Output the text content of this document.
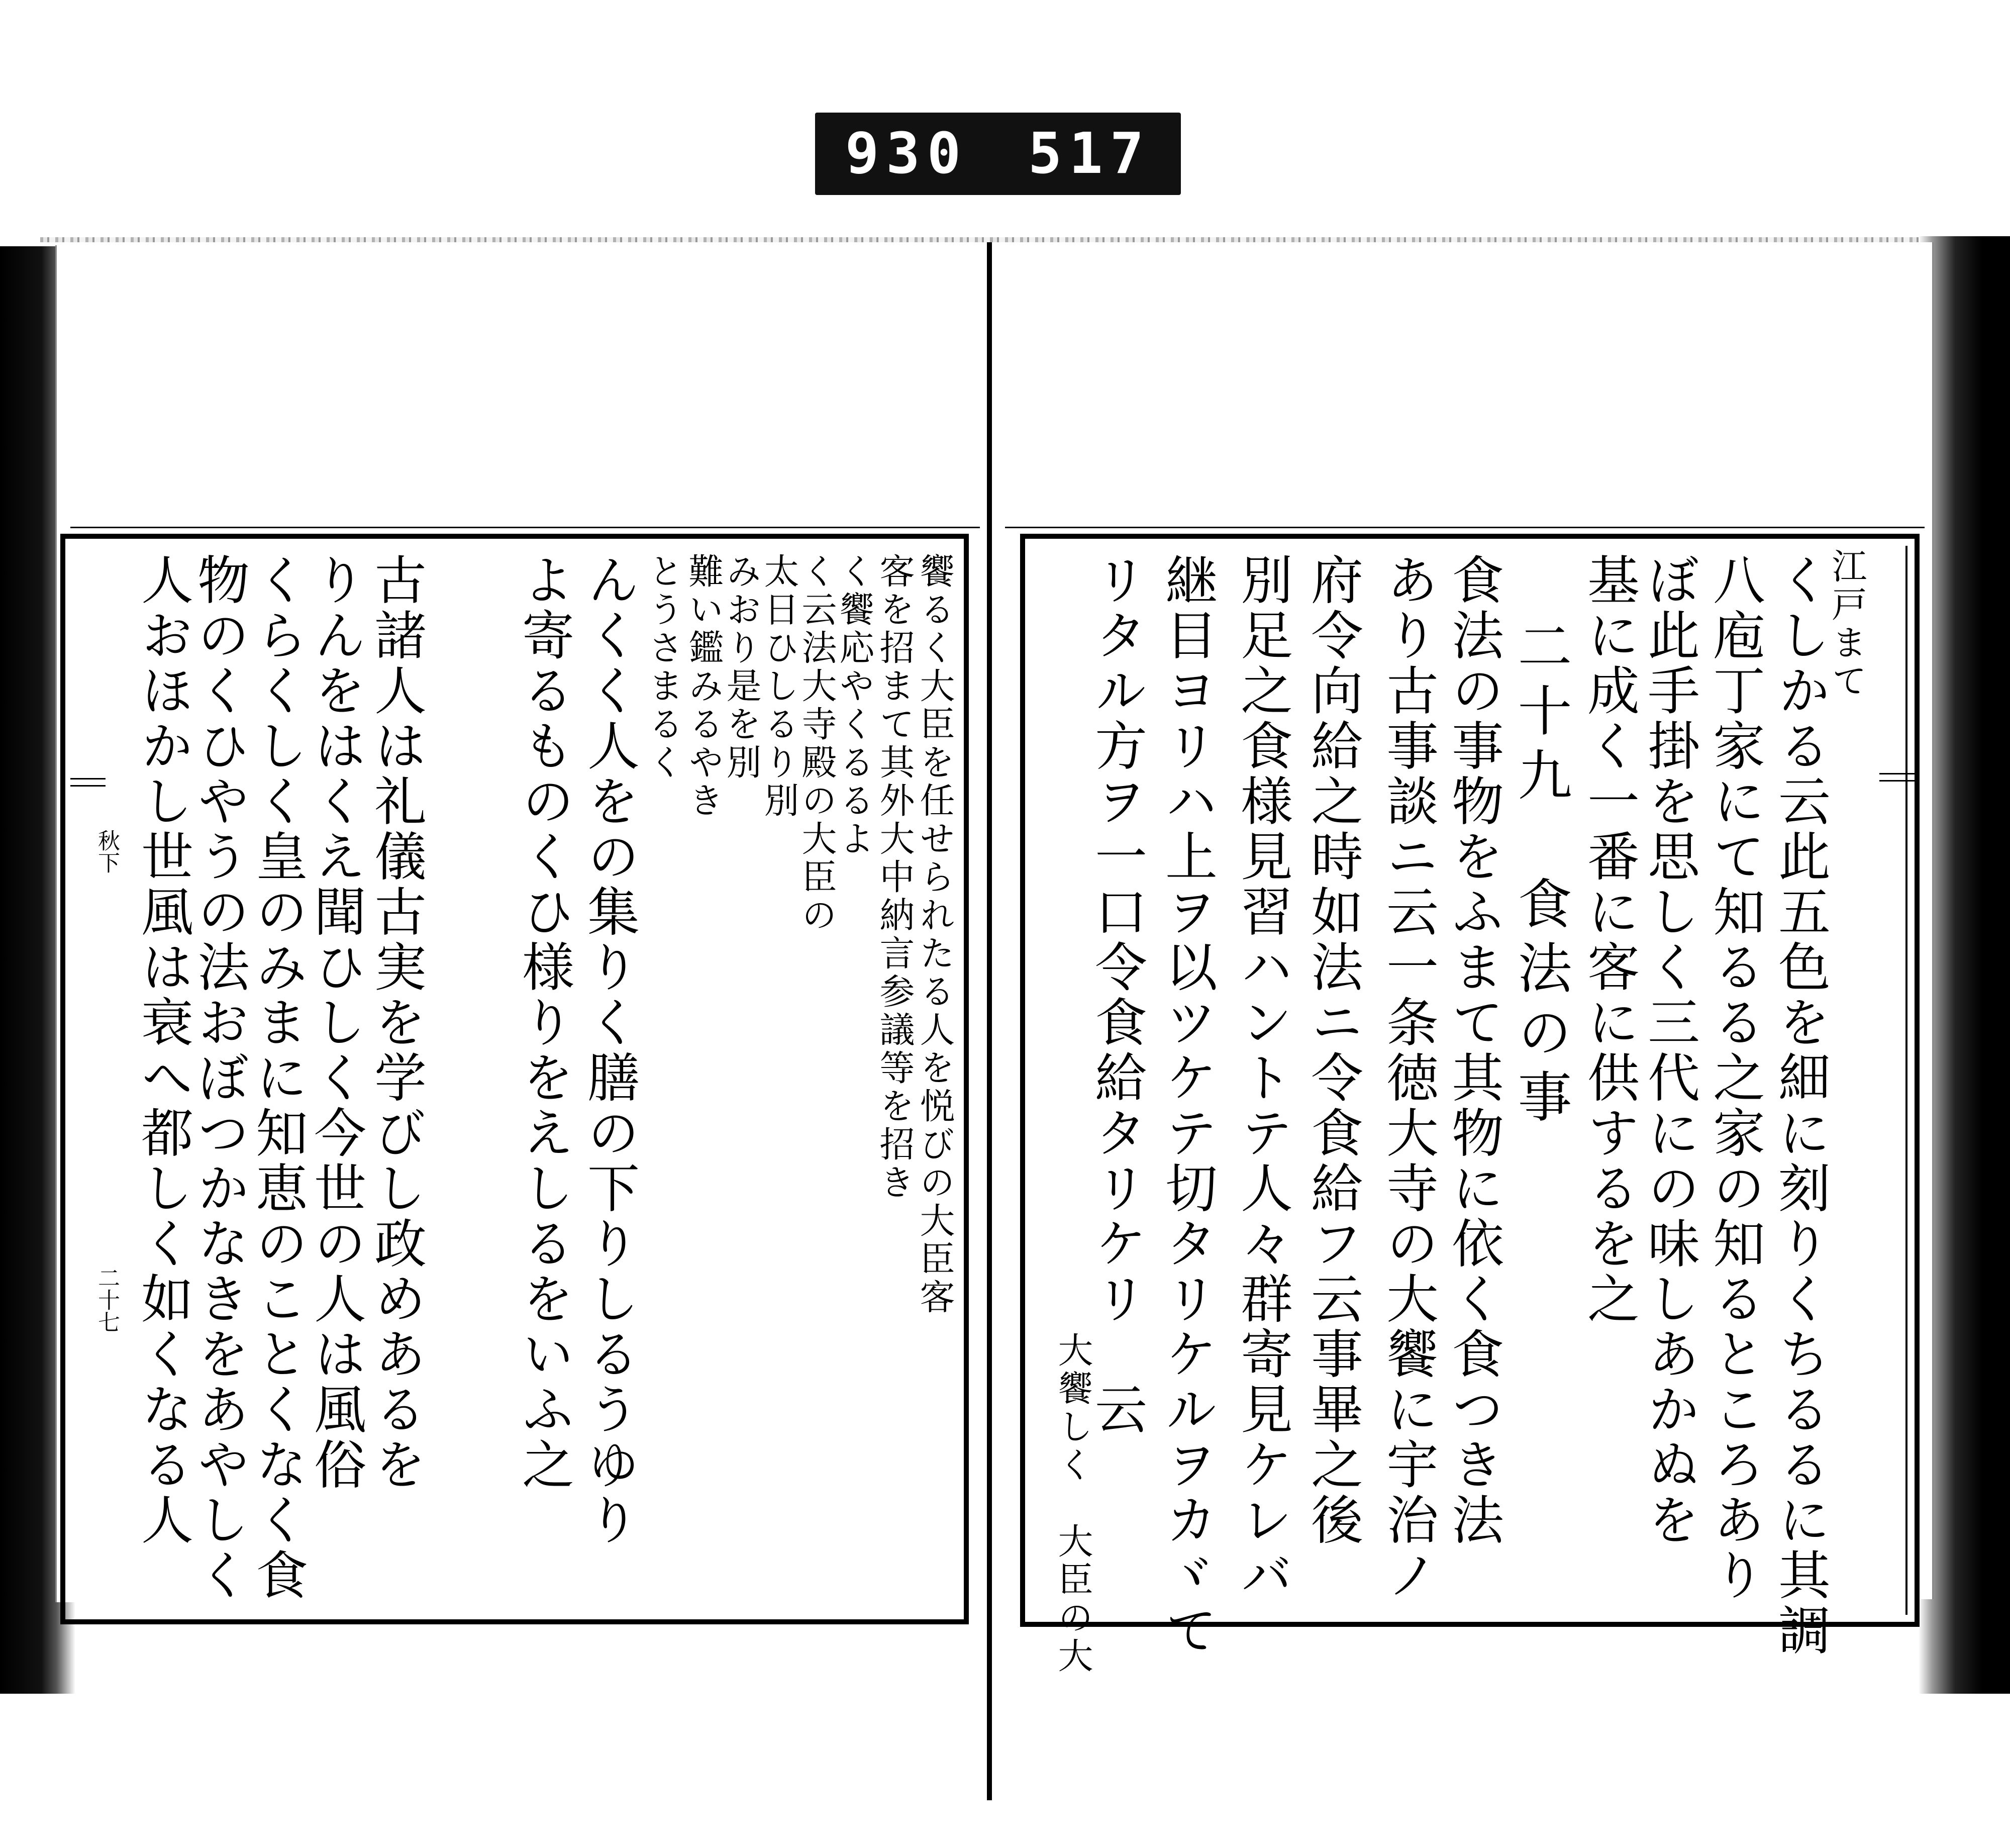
930 517
秋下
二十七 人おほかし世風は衰へ都しく如くなる人
物のくひやうの法おぼつかなきをあやしく
くらくしく皇のみまに知恵のことくなく食
りんをはくえ聞ひしく今世の人は風俗
古諸人は礼儀古実を学びし政めあるを よ寄るものくひ様りをえしるをいふ之 んくく人をの集りく膳の下りしるうゆり とうさまるく
難い鑑みるやき
みおり是を別
太日ひしるり別
く云法大寺殿の大臣の
く饗応やくるるよ
客を招まて其外大中納言参議等を招き
饗るく大臣を任せられたる人を悦びの大臣客	江戸まて
くしかる云此五色を細に刻りくちるるに其調
八庖丁家にて知るる之家の知るところあり
ぼ此手掛を思しく三代にの味しあかぬを
基に成く一番に客に供するを之
二十九　食法の事
食法の事物をふまて其物に依く食つき法
あり古事談ニ云一条徳大寺の大饗に宇治ノ
府令向給之時如法ニ令食給フ云事畢之後
別足之食様見習ハントテ人々群寄見ケレバ
継目ヨリハ上ヲ以ツケテ切タリケルヲカヾて
リタル方ヲ一口令食給タリケリ　云
大饗しく　大臣の大
